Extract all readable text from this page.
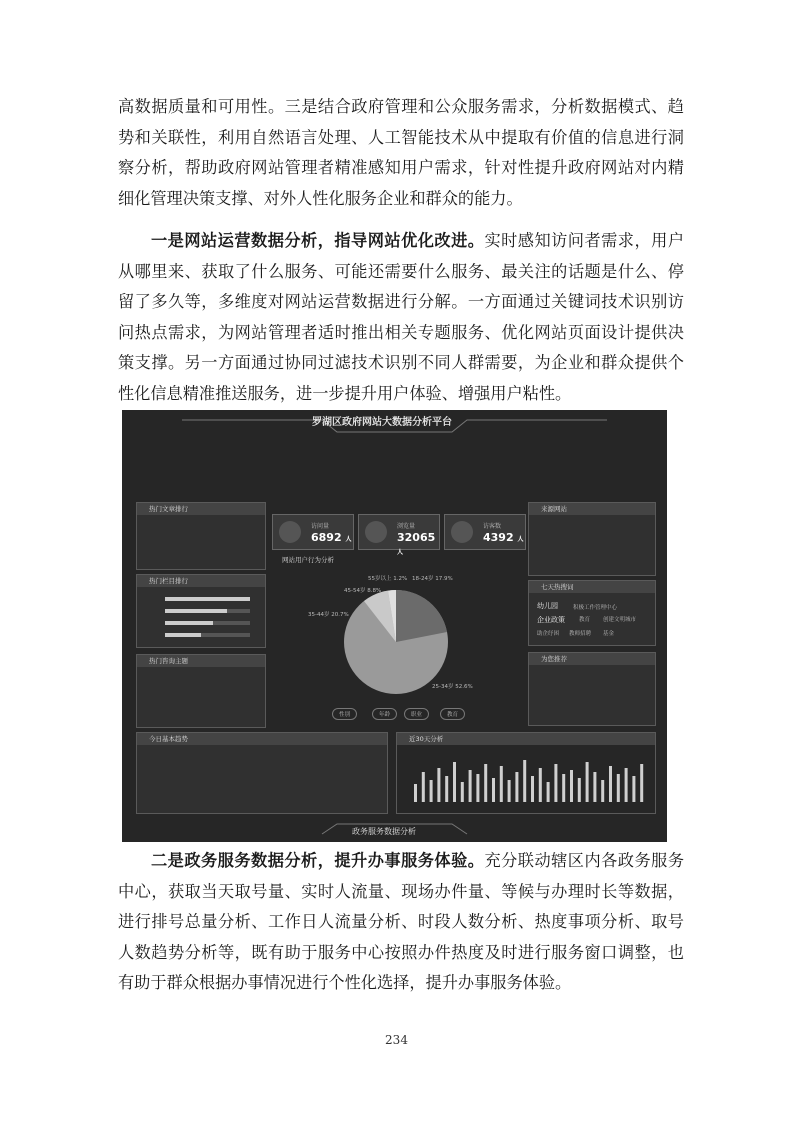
高数据质量和可用性。三是结合政府管理和公众服务需求，分析数据模式、趋势和关联性，利用自然语言处理、人工智能技术从中提取有价值的信息进行洞察分析，帮助政府网站管理者精准感知用户需求，针对性提升政府网站对内精细化管理决策支撑、对外人性化服务企业和群众的能力。

一是网站运营数据分析，指导网站优化改进。实时感知访问者需求，用户从哪里来、获取了什么服务、可能还需要什么服务、最关注的话题是什么、停留了多久等，多维度对网站运营数据进行分解。一方面通过关键词技术识别访问热点需求，为网站管理者适时推出相关专题服务、优化网站页面设计提供决策支撑。另一方面通过协同过滤技术识别不同人群需要，为企业和群众提供个性化信息精准推送服务，进一步提升用户体验、增强用户粘性。

罗湖区政府网站大数据分析平台

热门文章排行
热门栏目排行
热门咨询主题
访问量
6892 人
浏览量
32065 人
访客数
4392 人
网站用户行为分析
18-24岁 17.9%
25-34岁 52.6%
35-44岁 20.7%
45-54岁 8.8%
55岁以上 1.2%
性别	年龄	职业	教育
来源网站
七天热搜词
幼儿园	积极工作管理中心
企业政策	教育 创建文明城市
助企纾困 教师招聘 基金
为您推荐
今日基本趋势	近30天分析
政务服务数据分析

二是政务服务数据分析，提升办事服务体验。充分联动辖区内各政务服务中心，获取当天取号量、实时人流量、现场办件量、等候与办理时长等数据，进行排号总量分析、工作日人流量分析、时段人数分析、热度事项分析、取号人数趋势分析等，既有助于服务中心按照办件热度及时进行服务窗口调整，也有助于群众根据办事情况进行个性化选择，提升办事服务体验。

234
